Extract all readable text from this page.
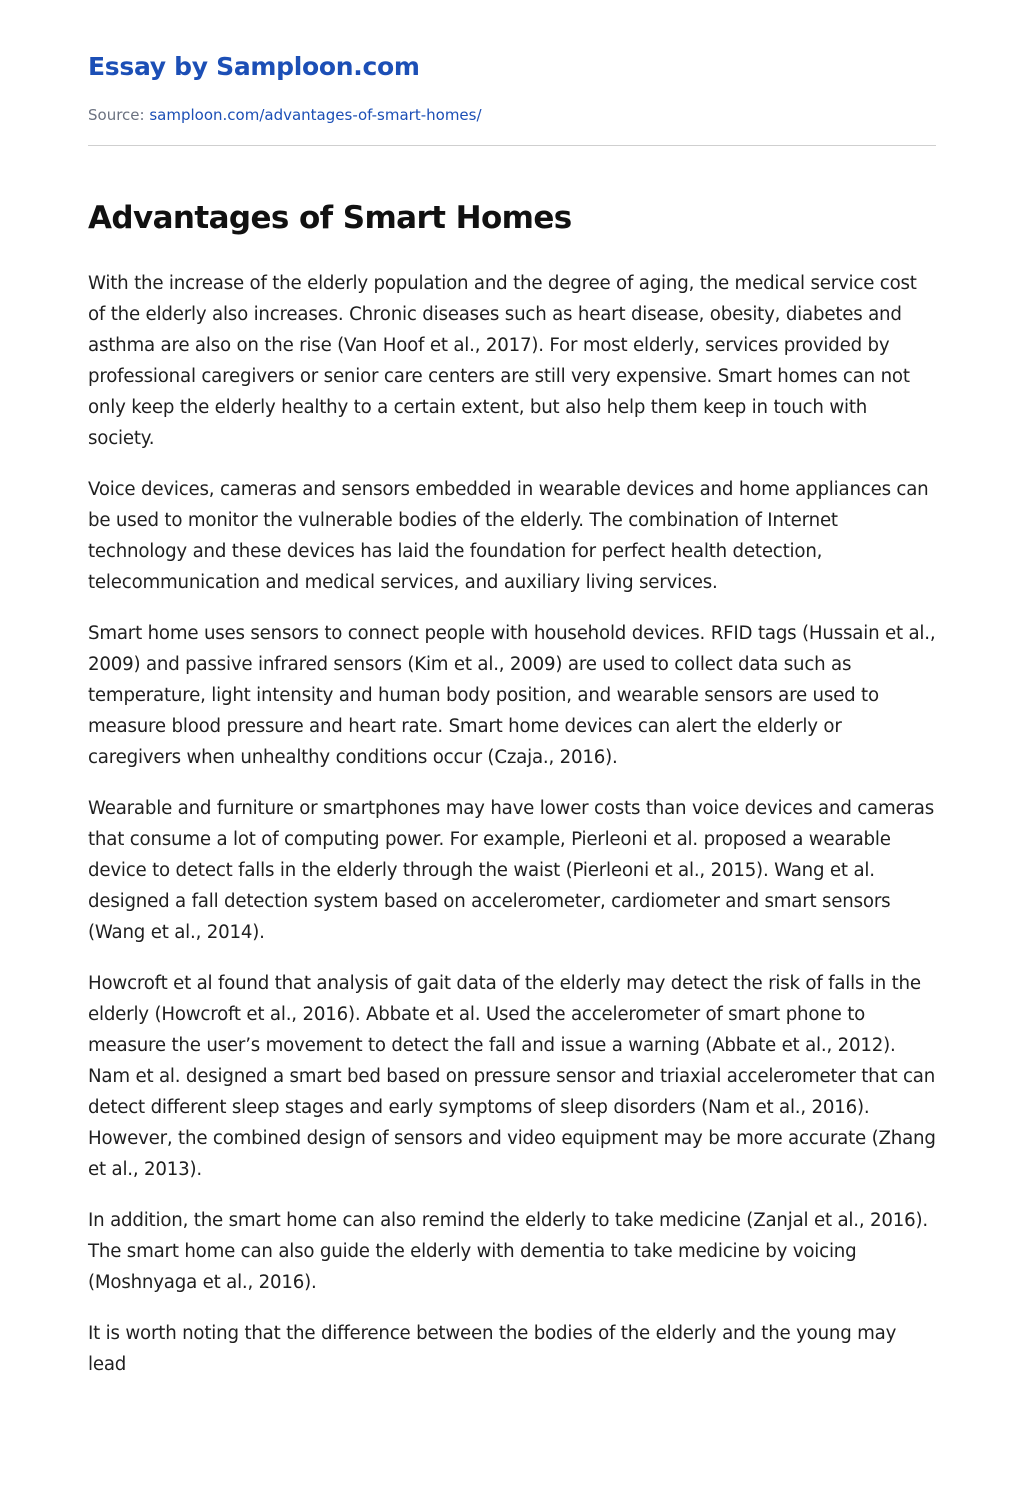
Essay by Samploon.com
Source: samploon.com/advantages-of-smart-homes/
Advantages of Smart Homes

With the increase of the elderly population and the degree of aging, the medical service cost of the elderly also increases. Chronic diseases such as heart disease, obesity, diabetes and asthma are also on the rise (Van Hoof et al., 2017). For most elderly, services provided by professional caregivers or senior care centers are still very expensive. Smart homes can not only keep the elderly healthy to a certain extent, but also help them keep in touch with society.

Voice devices, cameras and sensors embedded in wearable devices and home appliances can be used to monitor the vulnerable bodies of the elderly. The combination of Internet technology and these devices has laid the foundation for perfect health detection, telecommunication and medical services, and auxiliary living services.

Smart home uses sensors to connect people with household devices. RFID tags (Hussain et al., 2009) and passive infrared sensors (Kim et al., 2009) are used to collect data such as temperature, light intensity and human body position, and wearable sensors are used to measure blood pressure and heart rate. Smart home devices can alert the elderly or caregivers when unhealthy conditions occur (Czaja., 2016).

Wearable and furniture or smartphones may have lower costs than voice devices and cameras that consume a lot of computing power. For example, Pierleoni et al. proposed a wearable device to detect falls in the elderly through the waist (Pierleoni et al., 2015). Wang et al. designed a fall detection system based on accelerometer, cardiometer and smart sensors (Wang et al., 2014).

Howcroft et al found that analysis of gait data of the elderly may detect the risk of falls in the elderly (Howcroft et al., 2016). Abbate et al. Used the accelerometer of smart phone to measure the user’s movement to detect the fall and issue a warning (Abbate et al., 2012). Nam et al. designed a smart bed based on pressure sensor and triaxial accelerometer that can detect different sleep stages and early symptoms of sleep disorders (Nam et al., 2016). However, the combined design of sensors and video equipment may be more accurate (Zhang et al., 2013).

In addition, the smart home can also remind the elderly to take medicine (Zanjal et al., 2016). The smart home can also guide the elderly with dementia to take medicine by voicing (Moshnyaga et al., 2016).

It is worth noting that the difference between the bodies of the elderly and the young may lead
